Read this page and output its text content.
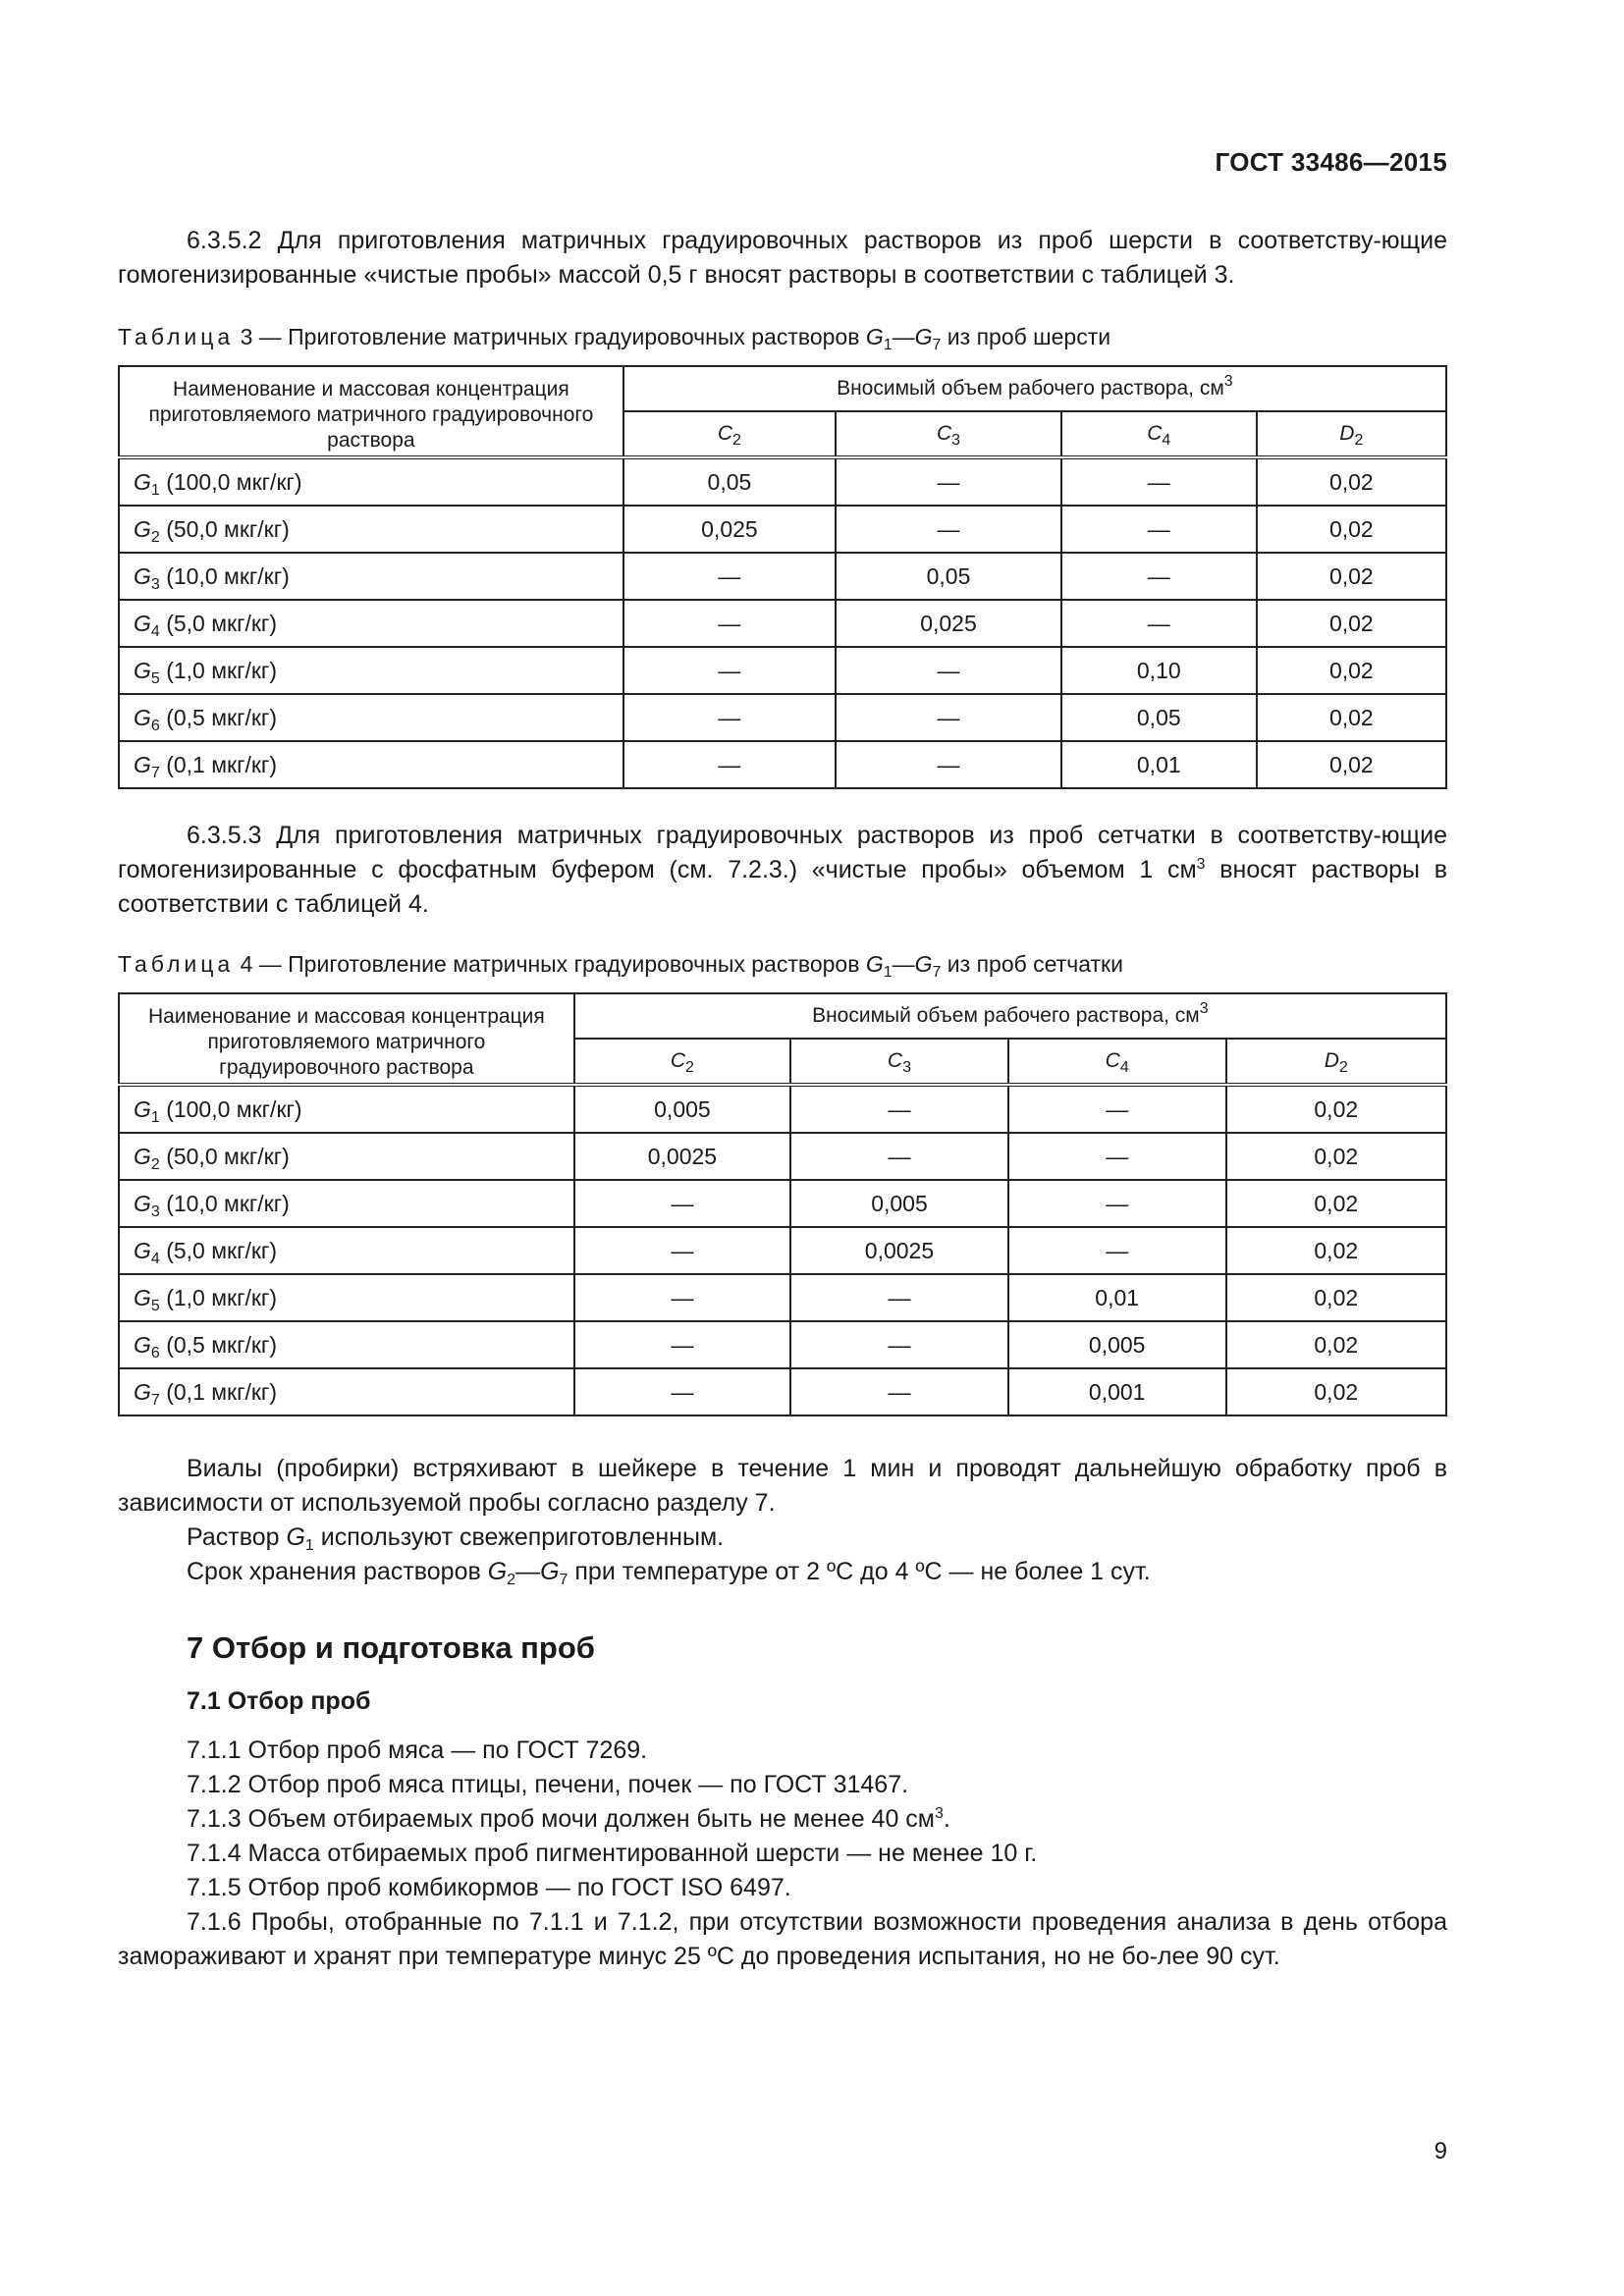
ГОСТ 33486—2015

6.3.5.2 Для приготовления матричных градуировочных растворов из проб шерсти в соответству-ющие гомогенизированные «чистые пробы» массой 0,5 г вносят растворы в соответствии с таблицей 3.

Таблица 3 — Приготовление матричных градуировочных растворов $G_1—G_7$ из проб шерсти

Наименование и массовая концентрация приготовляемого матричного градуировочного раствора	Вносимый объем рабочего раствора, $см^3$
	$C_2$	$C_3$	$C_4$	$D_2$
$G_1$ (100,0 мкг/кг)	0,05	—	—	0,02
$G_2$ (50,0 мкг/кг)	0,025	—	—	0,02
$G_3$ (10,0 мкг/кг)	—	0,05	—	0,02
$G_4$ (5,0 мкг/кг)	—	0,025	—	0,02
$G_5$ (1,0 мкг/кг)	—	—	0,10	0,02
$G_6$ (0,5 мкг/кг)	—	—	0,05	0,02
$G_7$ (0,1 мкг/кг)	—	—	0,01	0,02

6.3.5.3 Для приготовления матричных градуировочных растворов из проб сетчатки в соответству-ющие гомогенизированные с фосфатным буфером (см. 7.2.3.) «чистые пробы» объемом 1 $см^3$ вносят растворы в соответствии с таблицей 4.

Таблица 4 — Приготовление матричных градуировочных растворов $G_1—G_7$ из проб сетчатки

Наименование и массовая концентрация приготовляемого матричного градуировочного раствора	Вносимый объем рабочего раствора, $см^3$
	$C_2$	$C_3$	$C_4$	$D_2$
$G_1$ (100,0 мкг/кг)	0,005	—	—	0,02
$G_2$ (50,0 мкг/кг)	0,0025	—	—	0,02
$G_3$ (10,0 мкг/кг)	—	0,005	—	0,02
$G_4$ (5,0 мкг/кг)	—	0,0025	—	0,02
$G_5$ (1,0 мкг/кг)	—	—	0,01	0,02
$G_6$ (0,5 мкг/кг)	—	—	0,005	0,02
$G_7$ (0,1 мкг/кг)	—	—	0,001	0,02

Виалы (пробирки) встряхивают в шейкере в течение 1 мин и проводят дальнейшую обработку проб в зависимости от используемой пробы согласно разделу 7.

Раствор $G_1$ используют свежеприготовленным.

Срок хранения растворов $G_2—G_7$ при температуре от 2 ºС до 4 ºС — не более 1 сут.

7 Отбор и подготовка проб
7.1 Отбор проб

7.1.1 Отбор проб мяса — по ГОСТ 7269.

7.1.2 Отбор проб мяса птицы, печени, почек — по ГОСТ 31467.

7.1.3 Объем отбираемых проб мочи должен быть не менее 40 $см^3$.

7.1.4 Масса отбираемых проб пигментированной шерсти — не менее 10 г.

7.1.5 Отбор проб комбикормов — по ГОСТ ISO 6497.

7.1.6 Пробы, отобранные по 7.1.1 и 7.1.2, при отсутствии возможности проведения анализа в день отбора замораживают и хранят при температуре минус 25 ºС до проведения испытания, но не бо-лее 90 сут.

9
